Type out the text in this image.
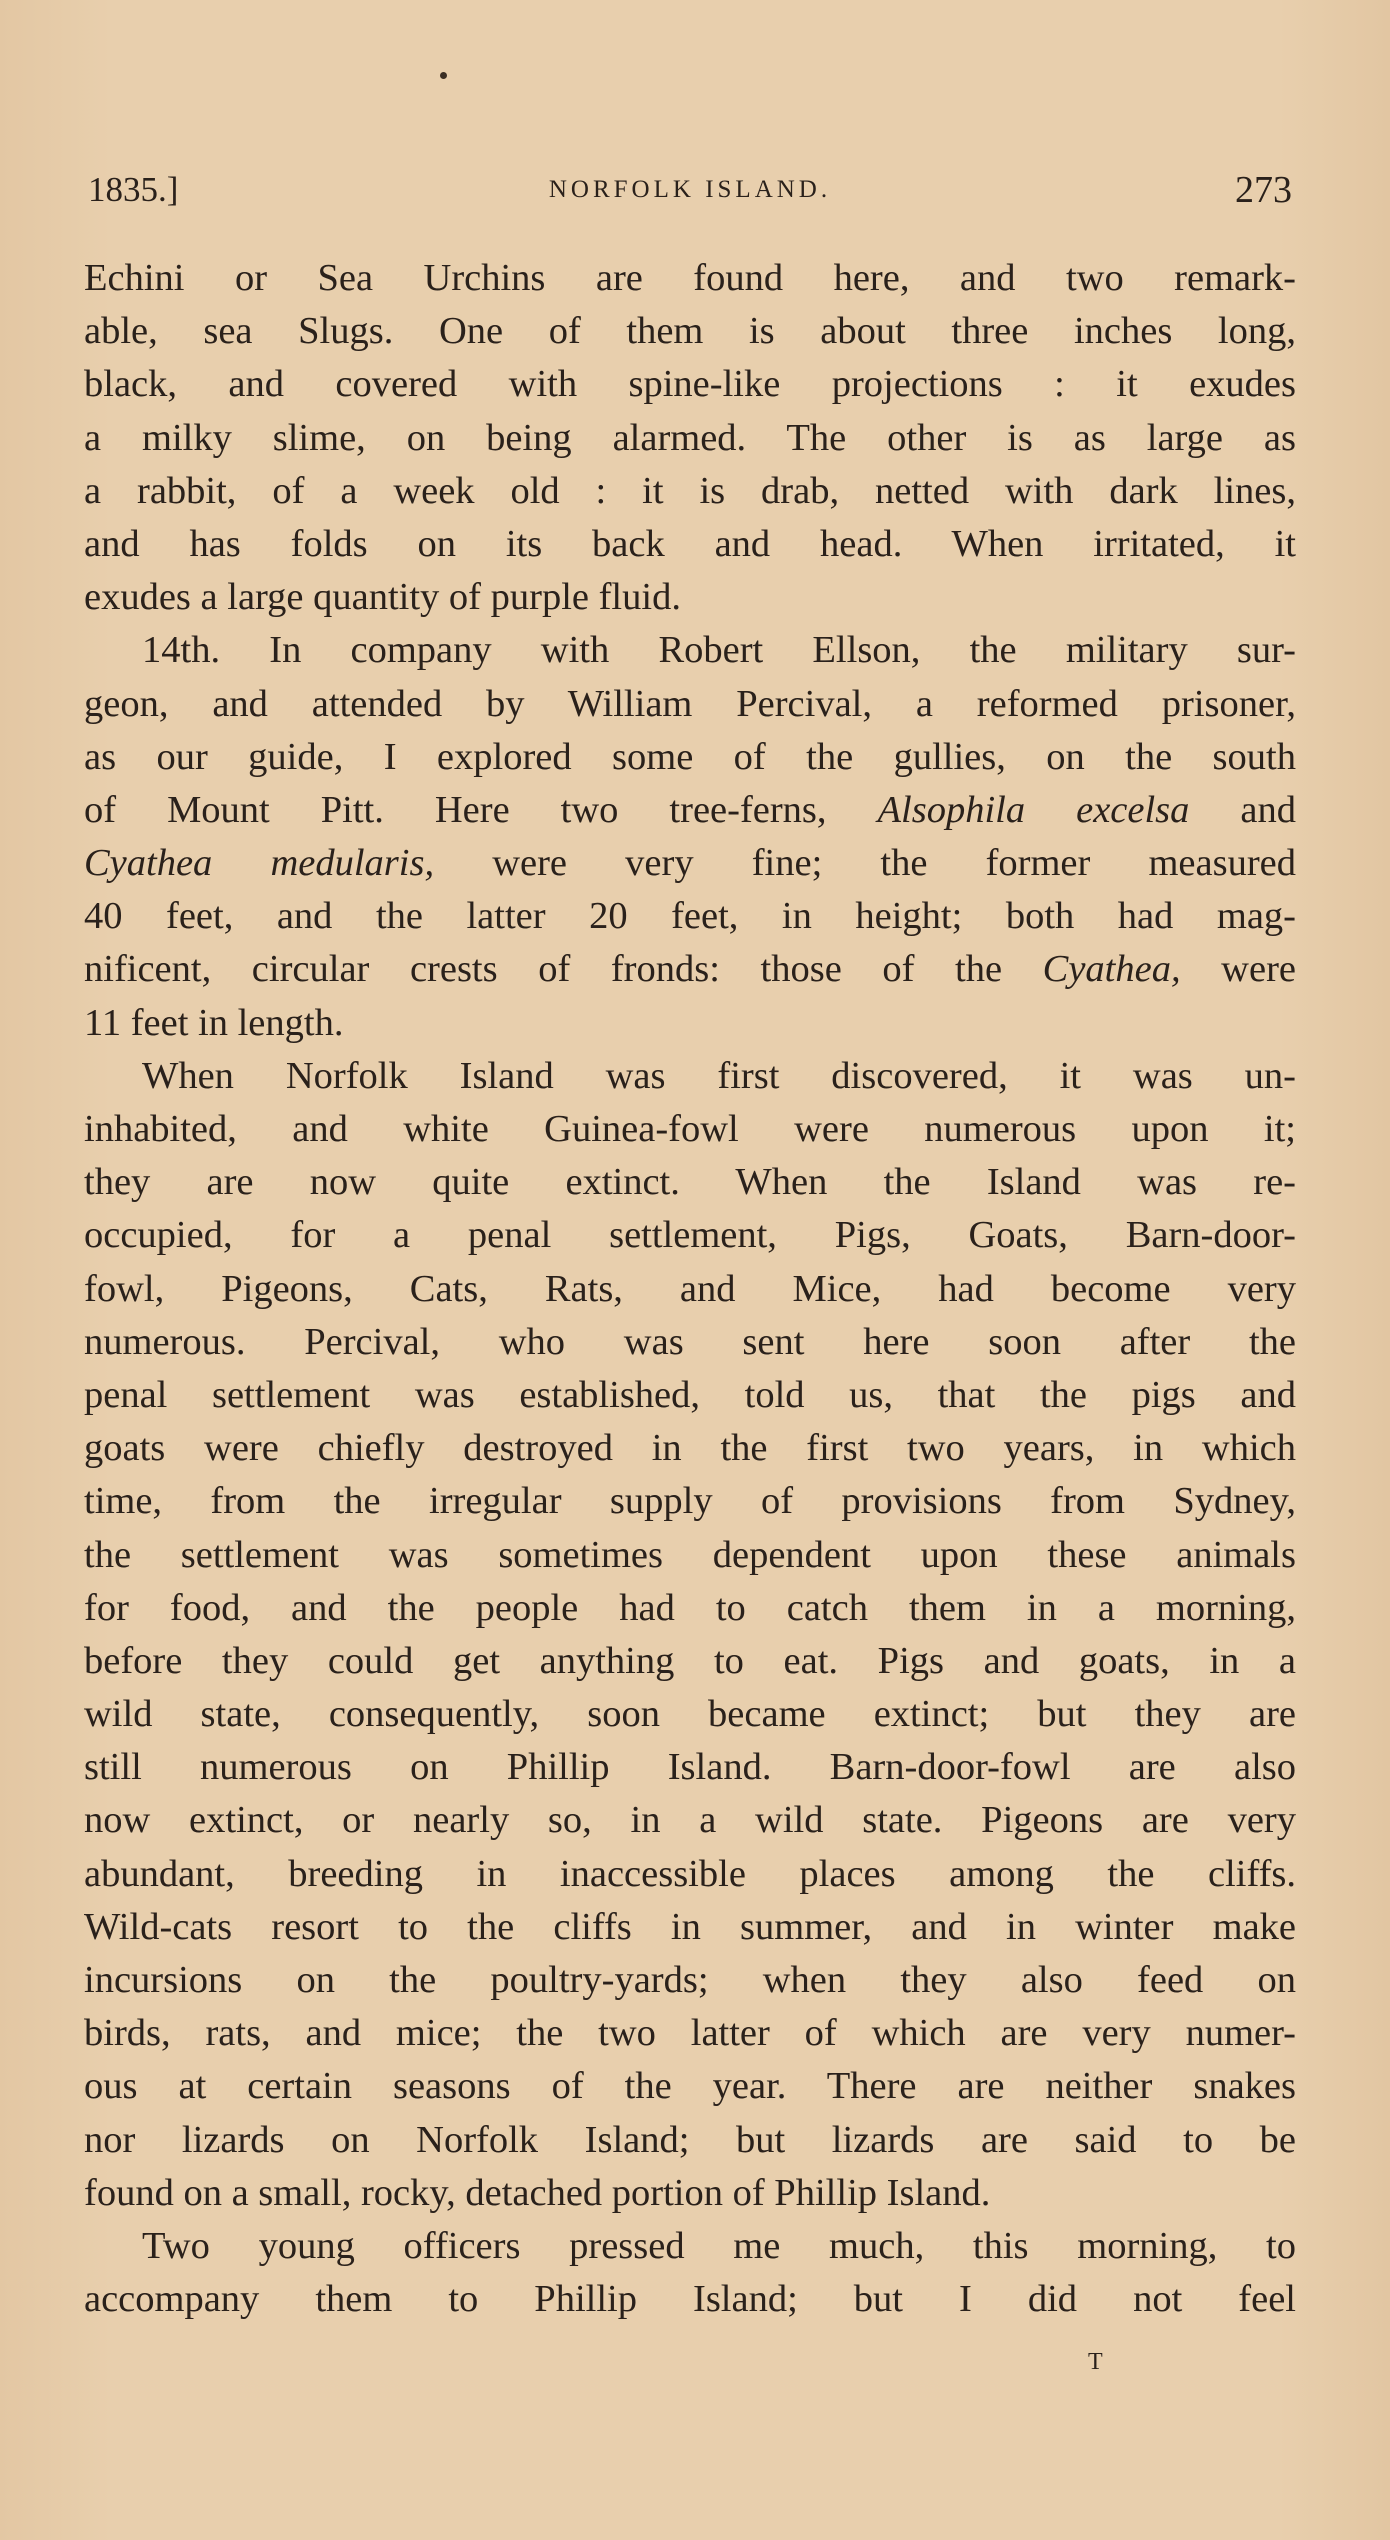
1835.]	NORFOLK ISLAND.	273
Echini or Sea Urchins are found here, and two remark-
able, sea Slugs. One of them is about three inches long,
black, and covered with spine-like projections : it exudes
a milky slime, on being alarmed. The other is as large as
a rabbit, of a week old : it is drab, netted with dark lines,
and has folds on its back and head. When irritated, it
exudes a large quantity of purple fluid.
14th. In company with Robert Ellson, the military sur-
geon, and attended by William Percival, a reformed prisoner,
as our guide, I explored some of the gullies, on the south
of Mount Pitt. Here two tree-ferns, Alsophila excelsa and
Cyathea medularis, were very fine; the former measured
40 feet, and the latter 20 feet, in height; both had mag-
nificent, circular crests of fronds: those of the Cyathea, were
11 feet in length.
When Norfolk Island was first discovered, it was un-
inhabited, and white Guinea-fowl were numerous upon it;
they are now quite extinct. When the Island was re-
occupied, for a penal settlement, Pigs, Goats, Barn-door-
fowl, Pigeons, Cats, Rats, and Mice, had become very
numerous. Percival, who was sent here soon after the
penal settlement was established, told us, that the pigs and
goats were chiefly destroyed in the first two years, in which
time, from the irregular supply of provisions from Sydney,
the settlement was sometimes dependent upon these animals
for food, and the people had to catch them in a morning,
before they could get anything to eat. Pigs and goats, in a
wild state, consequently, soon became extinct; but they are
still numerous on Phillip Island. Barn-door-fowl are also
now extinct, or nearly so, in a wild state. Pigeons are very
abundant, breeding in inaccessible places among the cliffs.
Wild-cats resort to the cliffs in summer, and in winter make
incursions on the poultry-yards; when they also feed on
birds, rats, and mice; the two latter of which are very numer-
ous at certain seasons of the year. There are neither snakes
nor lizards on Norfolk Island; but lizards are said to be
found on a small, rocky, detached portion of Phillip Island.
Two young officers pressed me much, this morning, to
accompany them to Phillip Island; but I did not feel
T
